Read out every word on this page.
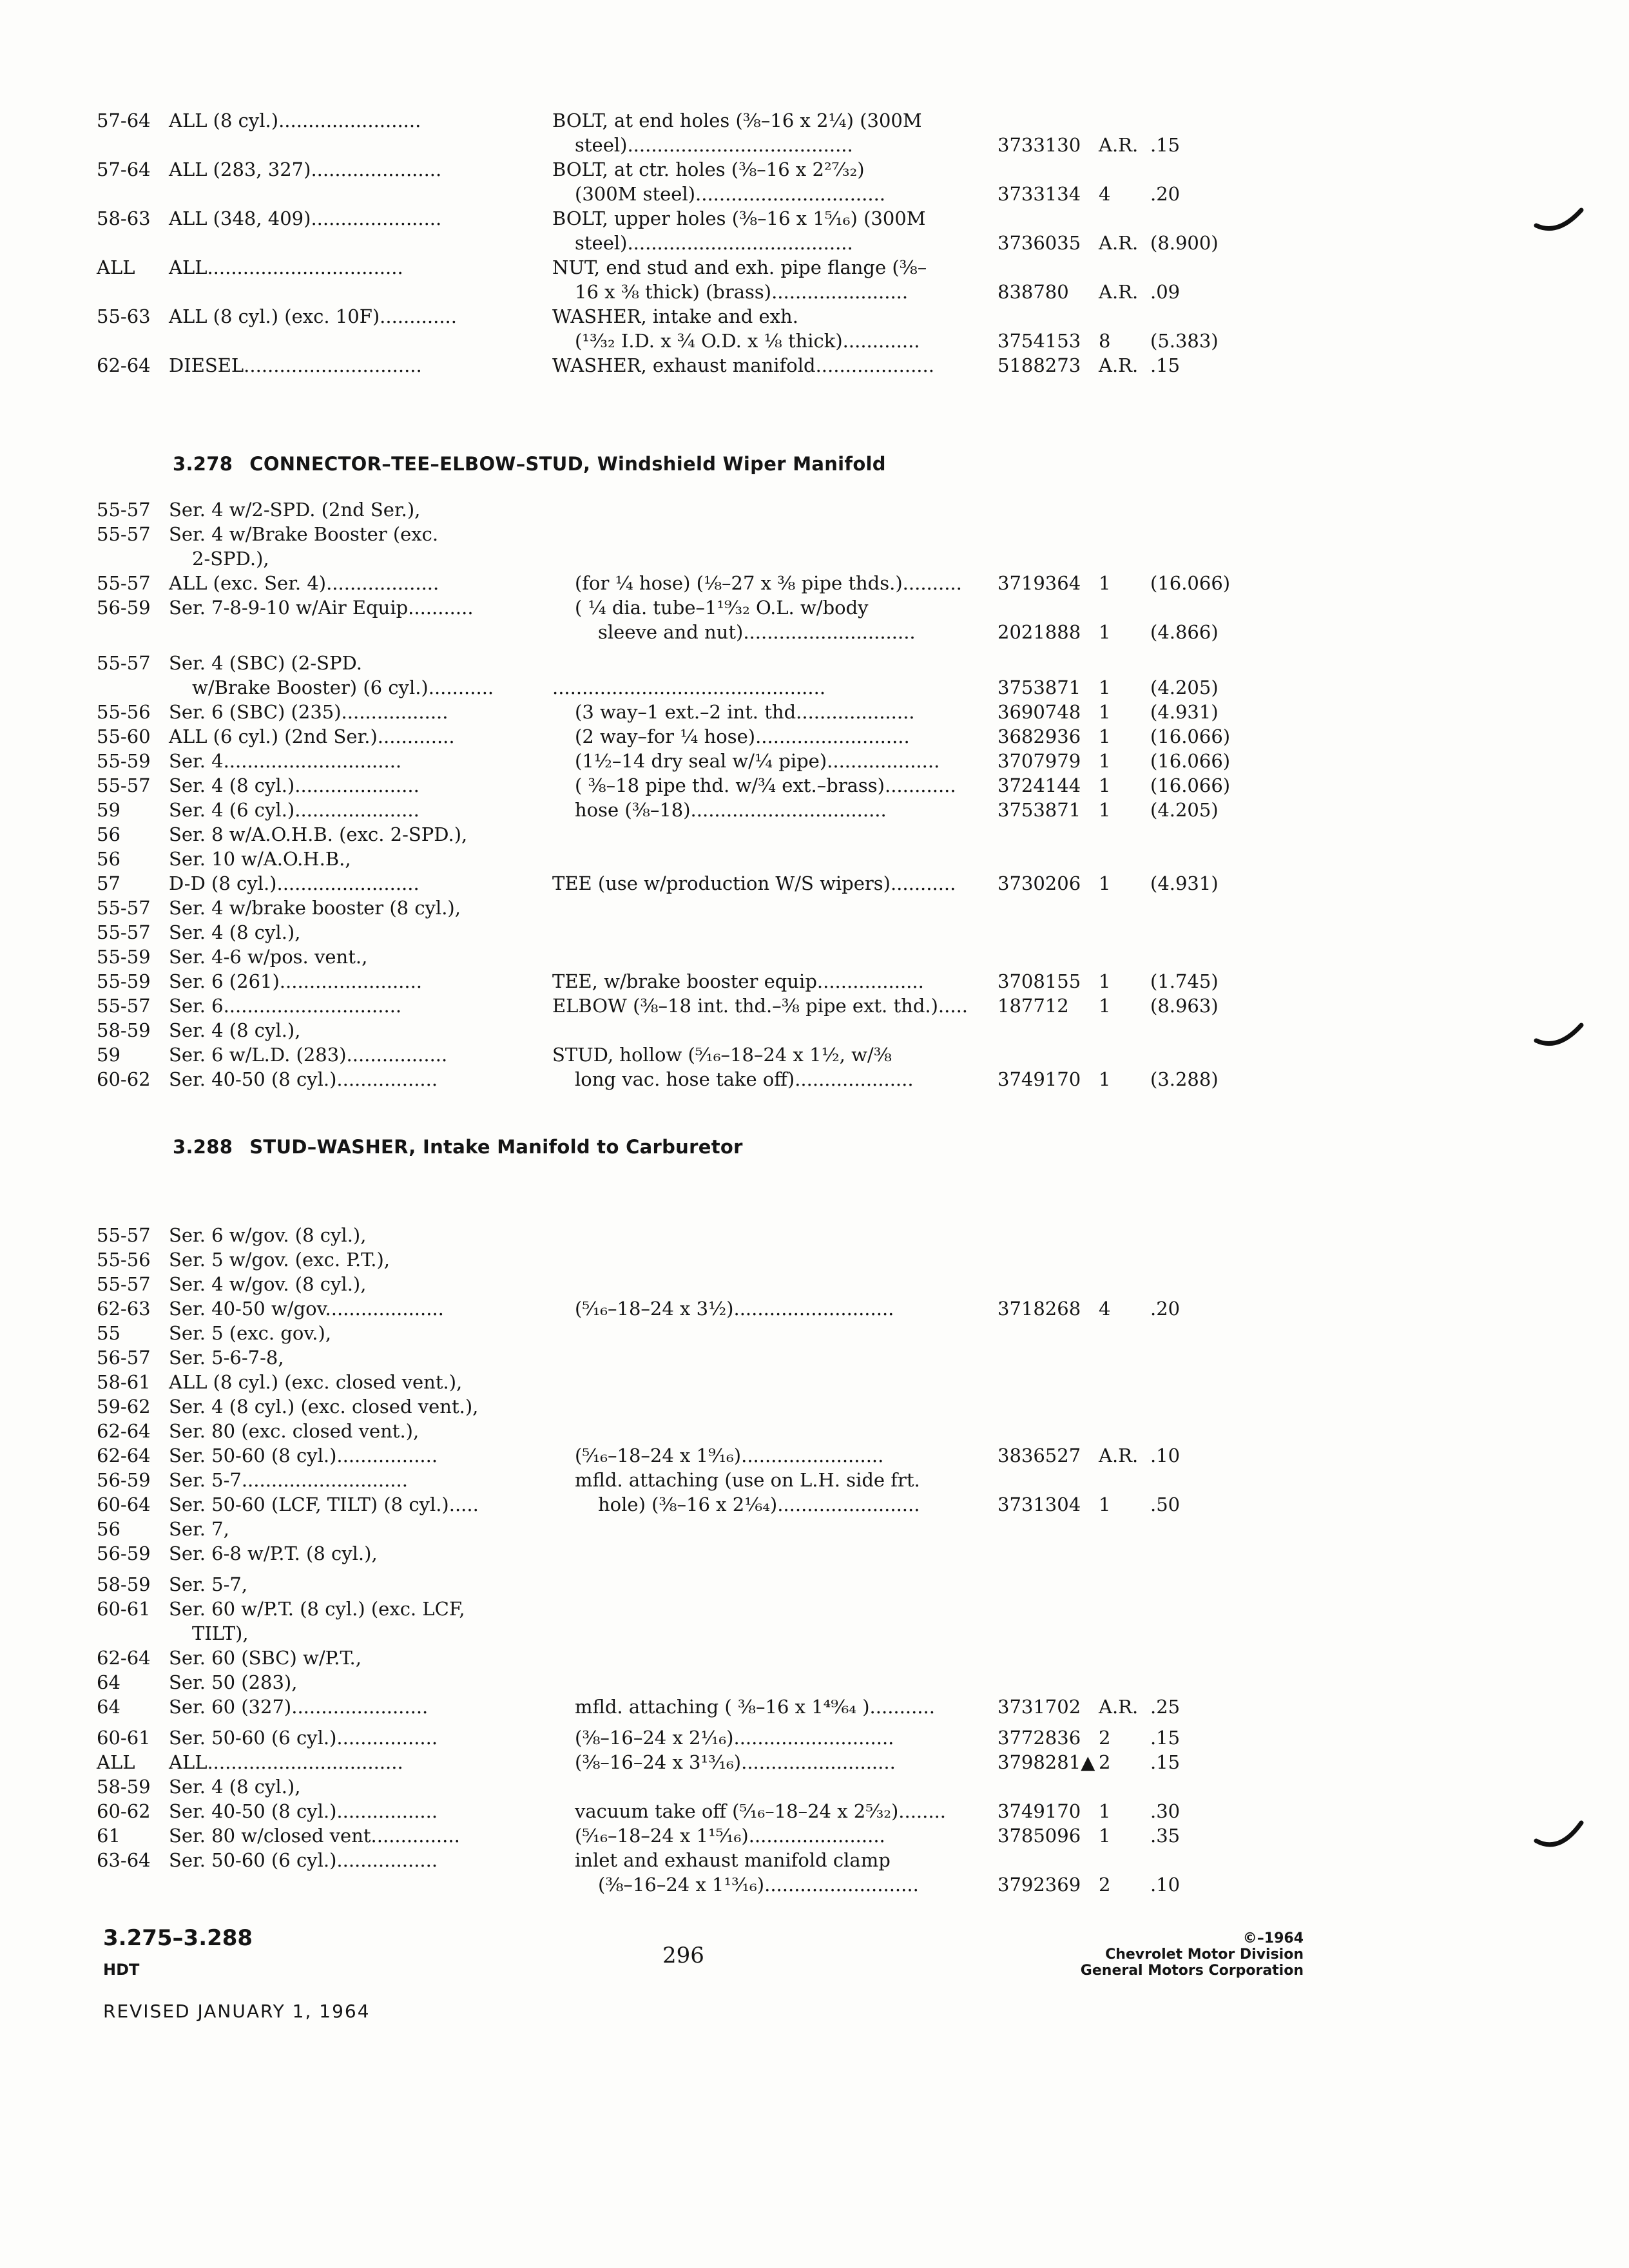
57-64 ALL (8 cyl.)........................	BOLT, at end holes (⅜–16 x 2¼) (300M
steel)......................................	3733130 A.R. .15
57-64 ALL (283, 327)......................	BOLT, at ctr. holes (⅜–16 x 2²⁷⁄₃₂)
(300M steel)................................	3733134 4 .20
58-63 ALL (348, 409)......................	BOLT, upper holes (⅜–16 x 1⁵⁄₁₆) (300M
steel)......................................	3736035 A.R. (8.900)
ALL ALL.................................	NUT, end stud and exh. pipe flange (⅜–
16 x ⅜ thick) (brass).......................	838780 A.R. .09
55-63 ALL (8 cyl.) (exc. 10F).............	WASHER, intake and exh.
(¹³⁄₃₂ I.D. x ¾ O.D. x ⅛ thick).............	3754153 8 (5.383)
62-64 DIESEL..............................	WASHER, exhaust manifold....................	5188273 A.R. .15
3.278 CONNECTOR–TEE–ELBOW–STUD, Windshield Wiper Manifold
55-57 Ser. 4 w/2-SPD. (2nd Ser.),
55-57 Ser. 4 w/Brake Booster (exc.
2-SPD.),
55-57 ALL (exc. Ser. 4)...................	(for ¼ hose) (⅛–27 x ⅜ pipe thds.).......... 3719364 1 (16.066)
56-59 Ser. 7-8-9-10 w/Air Equip...........	( ¼ dia. tube–1¹⁹⁄₃₂ O.L. w/body
sleeve and nut).............................	2021888 1 (4.866)
55-57 Ser. 4 (SBC) (2-SPD.
w/Brake Booster) (6 cyl.)...........	..............................................	3753871 1 (4.205)
55-56 Ser. 6 (SBC) (235)..................	(3 way–1 ext.–2 int. thd....................	3690748 1 (4.931)
55-60 ALL (6 cyl.) (2nd Ser.).............	(2 way–for ¼ hose)..........................	3682936 1 (16.066)
55-59 Ser. 4..............................	(1½–14 dry seal w/¼ pipe)...................	3707979 1 (16.066)
55-57 Ser. 4 (8 cyl.).....................	( ⅜–18 pipe thd. w/¾ ext.–brass)............ 3724144 1 (16.066)
59	Ser. 4 (6 cyl.).....................	hose (⅜–18).................................	3753871 1 (4.205)
56	Ser. 8 w/A.O.H.B. (exc. 2-SPD.),
56	Ser. 10 w/A.O.H.B.,
57	D-D (8 cyl.)........................	TEE (use w/production W/S wipers)........... 3730206 1 (4.931)
55-57 Ser. 4 w/brake booster (8 cyl.),
55-57 Ser. 4 (8 cyl.),
55-59 Ser. 4-6 w/pos. vent.,
55-59 Ser. 6 (261)........................	TEE, w/brake booster equip..................	3708155 1 (1.745)
55-57 Ser. 6..............................	ELBOW (⅜–18 int. thd.–⅜ pipe ext. thd.)..... 187712 1 (8.963)
58-59 Ser. 4 (8 cyl.),
59	Ser. 6 w/L.D. (283).................	STUD, hollow (⁵⁄₁₆–18–24 x 1½, w/⅜
60-62 Ser. 40-50 (8 cyl.).................	long vac. hose take off)....................	3749170 1 (3.288)
3.288 STUD–WASHER, Intake Manifold to Carburetor
55-57 Ser. 6 w/gov. (8 cyl.),
55-56 Ser. 5 w/gov. (exc. P.T.),
55-57 Ser. 4 w/gov. (8 cyl.),
62-63 Ser. 40-50 w/gov....................	(⁵⁄₁₆–18–24 x 3½)...........................	3718268 4 .20
55	Ser. 5 (exc. gov.),
56-57 Ser. 5-6-7-8,
58-61 ALL (8 cyl.) (exc. closed vent.),
59-62 Ser. 4 (8 cyl.) (exc. closed vent.),
62-64 Ser. 80 (exc. closed vent.),
62-64 Ser. 50-60 (8 cyl.).................	(⁵⁄₁₆–18–24 x 1⁹⁄₁₆)........................	3836527 A.R. .10
56-59 Ser. 5-7............................	mfld. attaching (use on L.H. side frt.
60-64 Ser. 50-60 (LCF, TILT) (8 cyl.).....	hole) (⅜–16 x 2¹⁄₆₄)........................	3731304 1 .50
56	Ser. 7,
56-59 Ser. 6-8 w/P.T. (8 cyl.),
58-59 Ser. 5-7,
60-61 Ser. 60 w/P.T. (8 cyl.) (exc. LCF,
TILT),
62-64 Ser. 60 (SBC) w/P.T.,
64	Ser. 50 (283),
64	Ser. 60 (327).......................	mfld. attaching ( ⅜–16 x 1⁴⁹⁄₆₄ )...........	3731702 A.R. .25
60-61 Ser. 50-60 (6 cyl.).................	(⅜–16–24 x 2¹⁄₁₆)...........................	3772836 2 .15
ALL ALL.................................	(⅜–16–24 x 3¹³⁄₁₆)..........................	3798281▲ 2 .15
58-59 Ser. 4 (8 cyl.),
60-62 Ser. 40-50 (8 cyl.).................	vacuum take off (⁵⁄₁₆–18–24 x 2⁵⁄₃₂)........	3749170 1 .30
61	Ser. 80 w/closed vent...............	(⁵⁄₁₆–18–24 x 1¹⁵⁄₁₆).......................	3785096 1 .35
63-64 Ser. 50-60 (6 cyl.).................	inlet and exhaust manifold clamp
(⅜–16–24 x 1¹³⁄₁₆)..........................	3792369 2 .10
3.275–3.288
HDT
REVISED JANUARY 1, 1964
296
©–1964
Chevrolet Motor Division
General Motors Corporation
